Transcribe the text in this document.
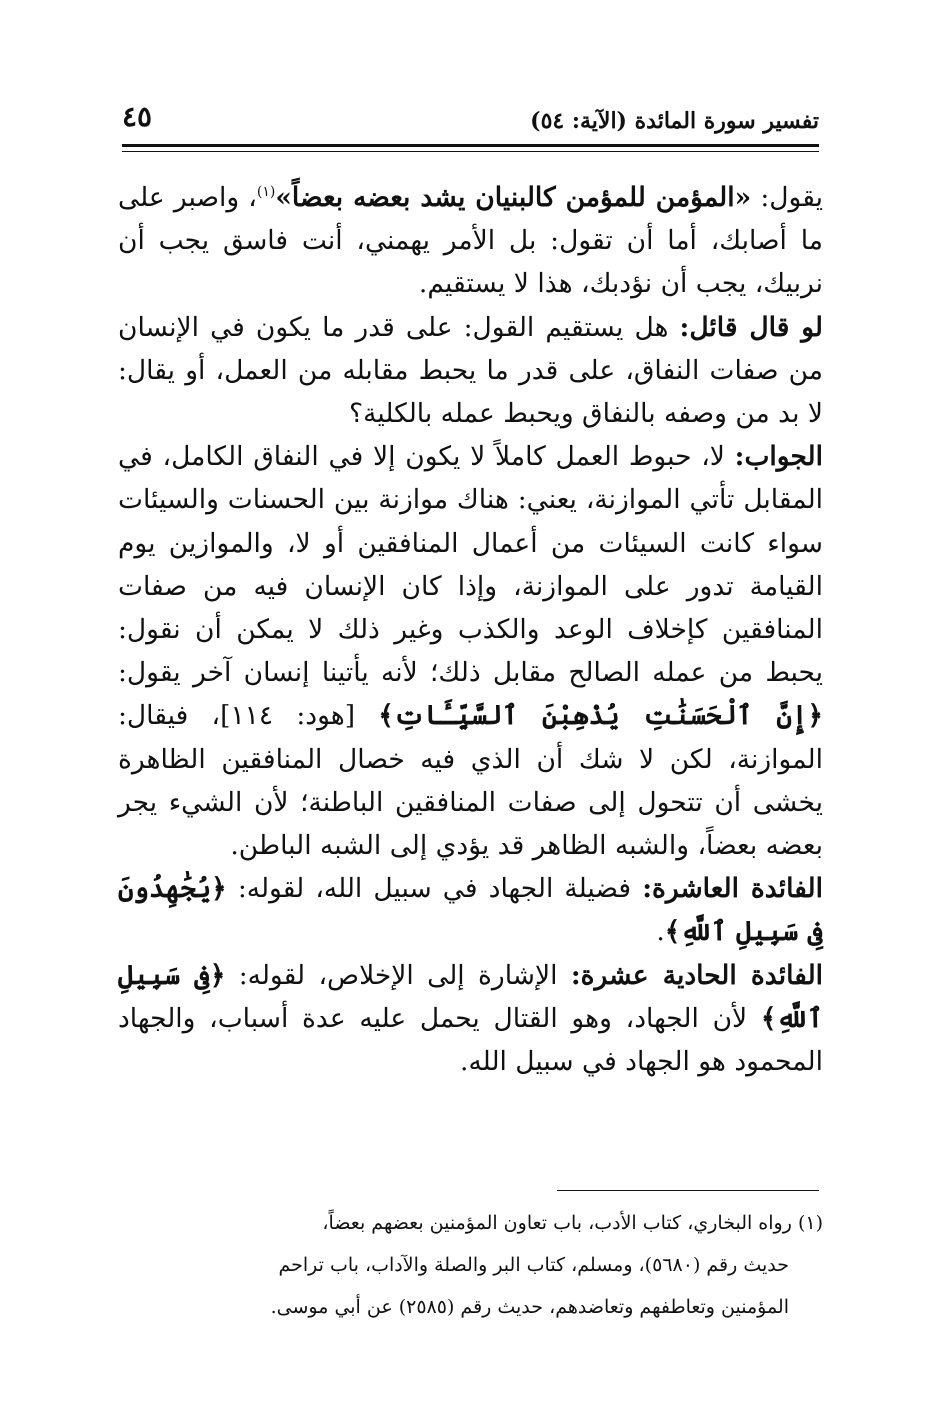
تفسير سورة المائدة (الآية: ٥٤)
٤٥

يقول: «المؤمن للمؤمن كالبنيان يشد بعضه بعضاً»$^{(١)}$، واصبر على ما أصابك، أما أن تقول: بل الأمر يهمني، أنت فاسق يجب أن نربيك، يجب أن نؤدبك، هذا لا يستقيم.

لو قال قائل: هل يستقيم القول: على قدر ما يكون في الإنسان من صفات النفاق، على قدر ما يحبط مقابله من العمل، أو يقال: لا بد من وصفه بالنفاق ويحبط عمله بالكلية؟

الجواب: لا، حبوط العمل كاملاً لا يكون إلا في النفاق الكامل، في المقابل تأتي الموازنة، يعني: هناك موازنة بين الحسنات والسيئات سواء كانت السيئات من أعمال المنافقين أو لا، والموازين يوم القيامة تدور على الموازنة، وإذا كان الإنسان فيه من صفات المنافقين كإخلاف الوعد والكذب وغير ذلك لا يمكن أن نقول: يحبط من عمله الصالح مقابل ذلك؛ لأنه يأتينا إنسان آخر يقول: ﴿إِنَّ ٱلْحَسَنَٰتِ يُذْهِبْنَ ٱلسَّيِّـَٔاتِ﴾ [هود: ١١٤]، فيقال: الموازنة، لكن لا شك أن الذي فيه خصال المنافقين الظاهرة يخشى أن تتحول إلى صفات المنافقين الباطنة؛ لأن الشيء يجر بعضه بعضاً، والشبه الظاهر قد يؤدي إلى الشبه الباطن.

الفائدة العاشرة: فضيلة الجهاد في سبيل الله، لقوله: ﴿يُجَٰهِدُونَ فِى سَبِيلِ ٱللَّهِ﴾.

الفائدة الحادية عشرة: الإشارة إلى الإخلاص، لقوله: ﴿فِى سَبِيلِ ٱللَّهِ﴾ لأن الجهاد، وهو القتال يحمل عليه عدة أسباب، والجهاد المحمود هو الجهاد في سبيل الله.

(١) رواه البخاري، كتاب الأدب، باب تعاون المؤمنين بعضهم بعضاً،

حديث رقم (٥٦٨٠)، ومسلم، كتاب البر والصلة والآداب، باب تراحم

المؤمنين وتعاطفهم وتعاضدهم، حديث رقم (٢٥٨٥) عن أبي موسى.
